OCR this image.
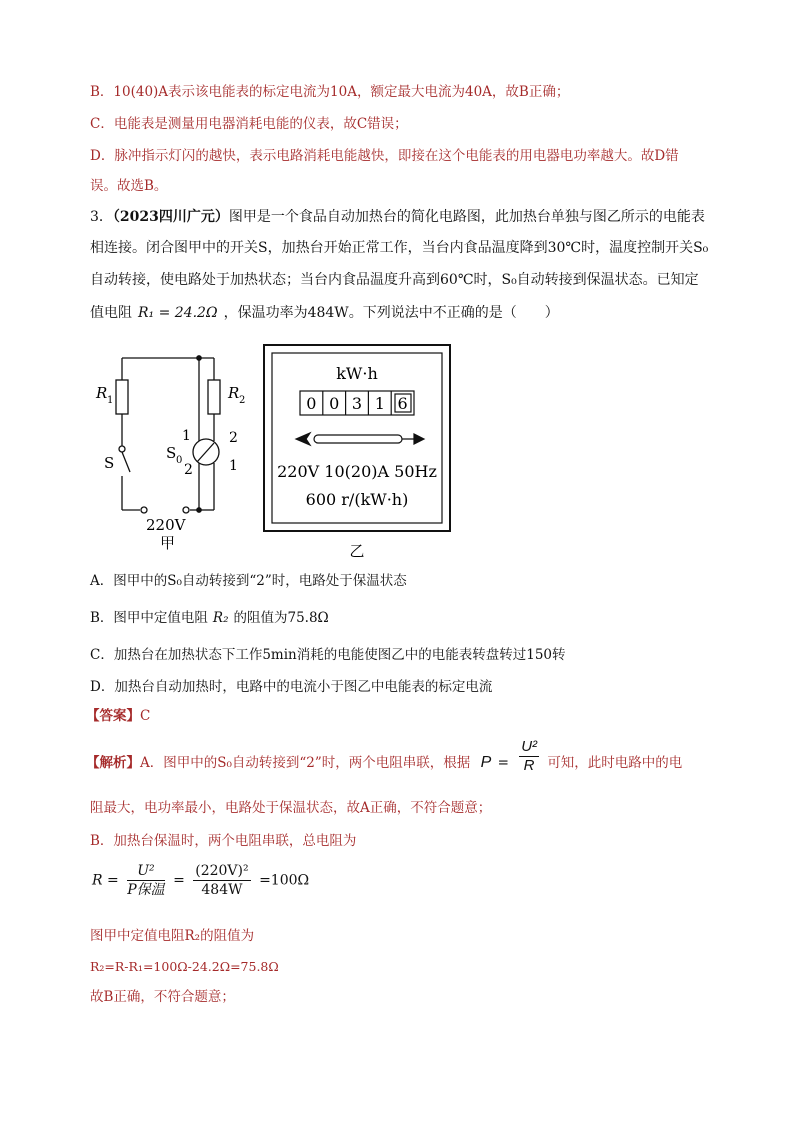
B．10(40)A表示该电能表的标定电流为10A，额定最大电流为40A，故B正确；
C．电能表是测量用电器消耗电能的仪表，故C错误；
D．脉冲指示灯闪的越快，表示电路消耗电能越快，即接在这个电能表的用电器电功率越大。故D错
误。故选B。
3．（2023四川广元）图甲是一个食品自动加热台的简化电路图，此加热台单独与图乙所示的电能表
相连接。闭合图甲中的开关S，加热台开始正常工作，当台内食品温度降到30℃时，温度控制开关S₀
自动转接，使电路处于加热状态；当台内食品温度升高到60℃时，S₀自动转接到保温状态。已知定
值电阻 R₁ = 24.2Ω ，保温功率为484W。下列说法中不正确的是（　　）
R 1	R 2
S
S 0
1	2
2	1
220V
甲
kW·h
0 0 3 1 6
220V 10(20)A 50Hz
600 r/(kW·h)
乙
A．图甲中的S₀自动转接到“2”时，电路处于保温状态
B．图甲中定值电阻 R₂ 的阻值为75.8Ω
C．加热台在加热状态下工作5min消耗的电能使图乙中的电能表转盘转过150转
D．加热台自动加热时，电路中的电流小于图乙中电能表的标定电流
【答案】C
【解析】A．图甲中的S₀自动转接到“2”时，两个电阻串联，根据 $P = \frac{\text{U²}}{R}$ 可知，此时电路中的电
阻最大，电功率最小，电路处于保温状态，故A正确，不符合题意；
B．加热台保温时，两个电阻串联，总电阻为
$R = \frac{\text{U²}}{\text{P保温}} = \frac{\text{(220V)²}}{484W} =100\Omega$
图甲中定值电阻R₂的阻值为
R₂=R-R₁=100Ω-24.2Ω=75.8Ω
故B正确，不符合题意；
